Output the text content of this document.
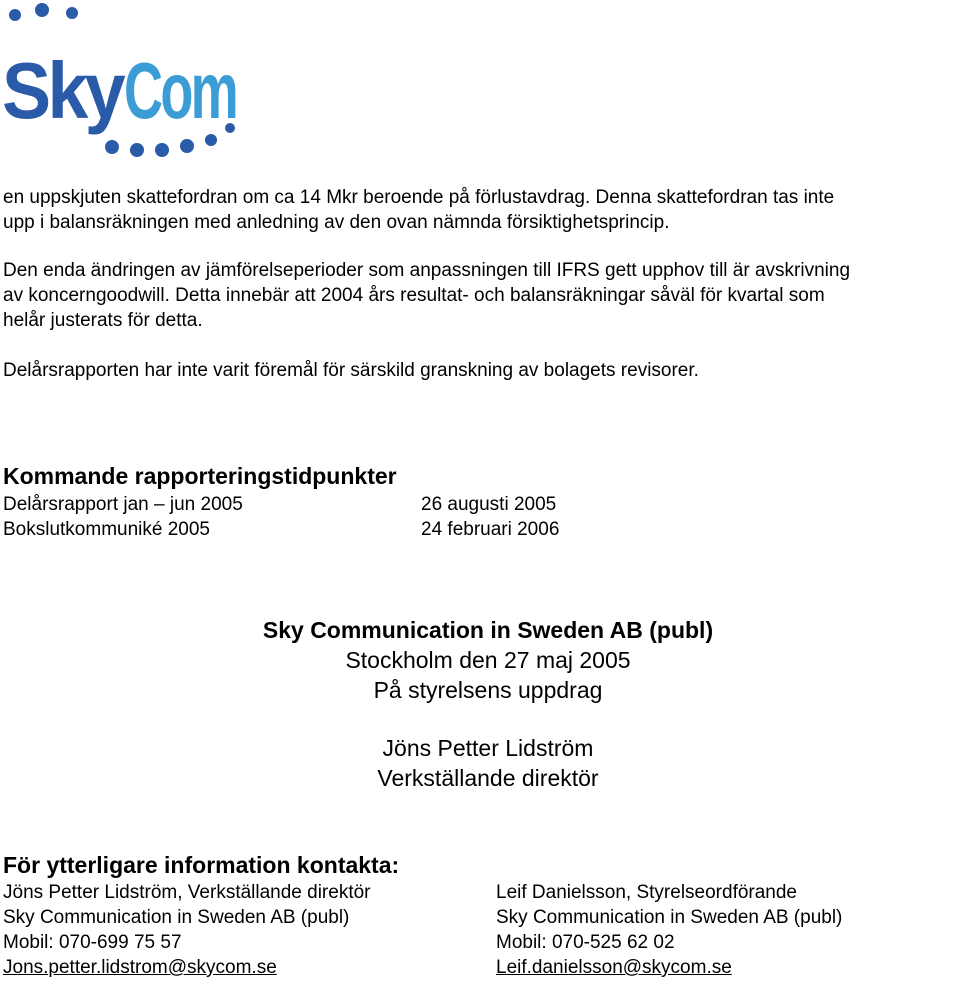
Sky
Com
en uppskjuten skattefordran om ca 14 Mkr beroende på förlustavdrag. Denna skattefordran tas inte
upp i balansräkningen med anledning av den ovan nämnda försiktighetsprincip.
Den enda ändringen av jämförelseperioder som anpassningen till IFRS gett upphov till är avskrivning
av koncerngoodwill. Detta innebär att 2004 års resultat- och balansräkningar såväl för kvartal som
helår justerats för detta.
Delårsrapporten har inte varit föremål för särskild granskning av bolagets revisorer.
Kommande rapporteringstidpunkter
Delårsrapport jan – jun 2005	26 augusti 2005
Bokslutkommuniké 2005	24 februari 2006
Sky Communication in Sweden AB (publ)
Stockholm den 27 maj 2005
På styrelsens uppdrag
Jöns Petter Lidström
Verkställande direktör
För ytterligare information kontakta:
Jöns Petter Lidström, Verkställande direktör
Sky Communication in Sweden AB (publ)
Mobil: 070-699 75 57
Jons.petter.lidstrom@skycom.se
Leif Danielsson, Styrelseordförande
Sky Communication in Sweden AB (publ)
Mobil: 070-525 62 02
Leif.danielsson@skycom.se
